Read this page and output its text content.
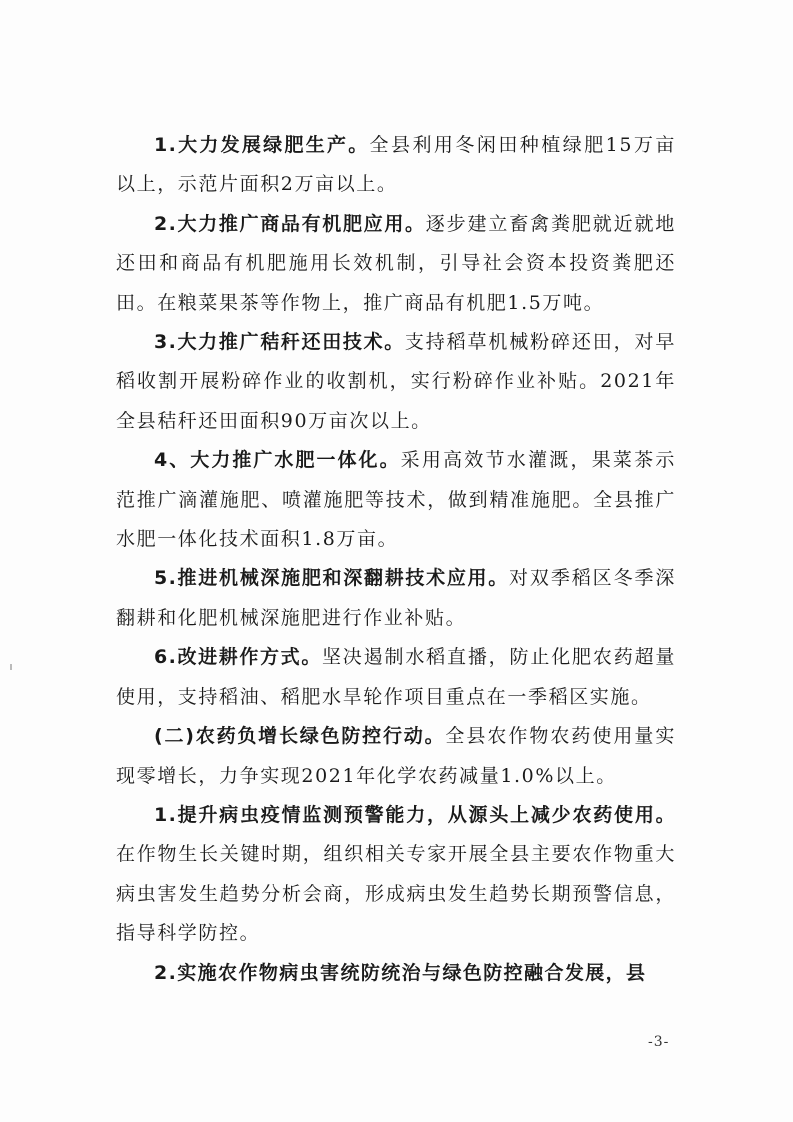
1.大力发展绿肥生产。全县利用冬闲田种植绿肥15万亩以上，示范片面积2万亩以上。

2.大力推广商品有机肥应用。逐步建立畜禽粪肥就近就地还田和商品有机肥施用长效机制，引导社会资本投资粪肥还田。在粮菜果茶等作物上，推广商品有机肥1.5万吨。

3.大力推广秸秆还田技术。支持稻草机械粉碎还田，对早稻收割开展粉碎作业的收割机，实行粉碎作业补贴。2021年全县秸秆还田面积90万亩次以上。

4、大力推广水肥一体化。采用高效节水灌溉，果菜茶示范推广滴灌施肥、喷灌施肥等技术，做到精准施肥。全县推广水肥一体化技术面积1.8万亩。

5.推进机械深施肥和深翻耕技术应用。对双季稻区冬季深翻耕和化肥机械深施肥进行作业补贴。

6.改进耕作方式。坚决遏制水稻直播，防止化肥农药超量使用，支持稻油、稻肥水旱轮作项目重点在一季稻区实施。

(二)农药负增长绿色防控行动。全县农作物农药使用量实现零增长，力争实现2021年化学农药减量1.0%以上。

1.提升病虫疫情监测预警能力，从源头上减少农药使用。在作物生长关键时期，组织相关专家开展全县主要农作物重大病虫害发生趋势分析会商，形成病虫发生趋势长期预警信息，指导科学防控。

2.实施农作物病虫害统防统治与绿色防控融合发展，县

-3-
